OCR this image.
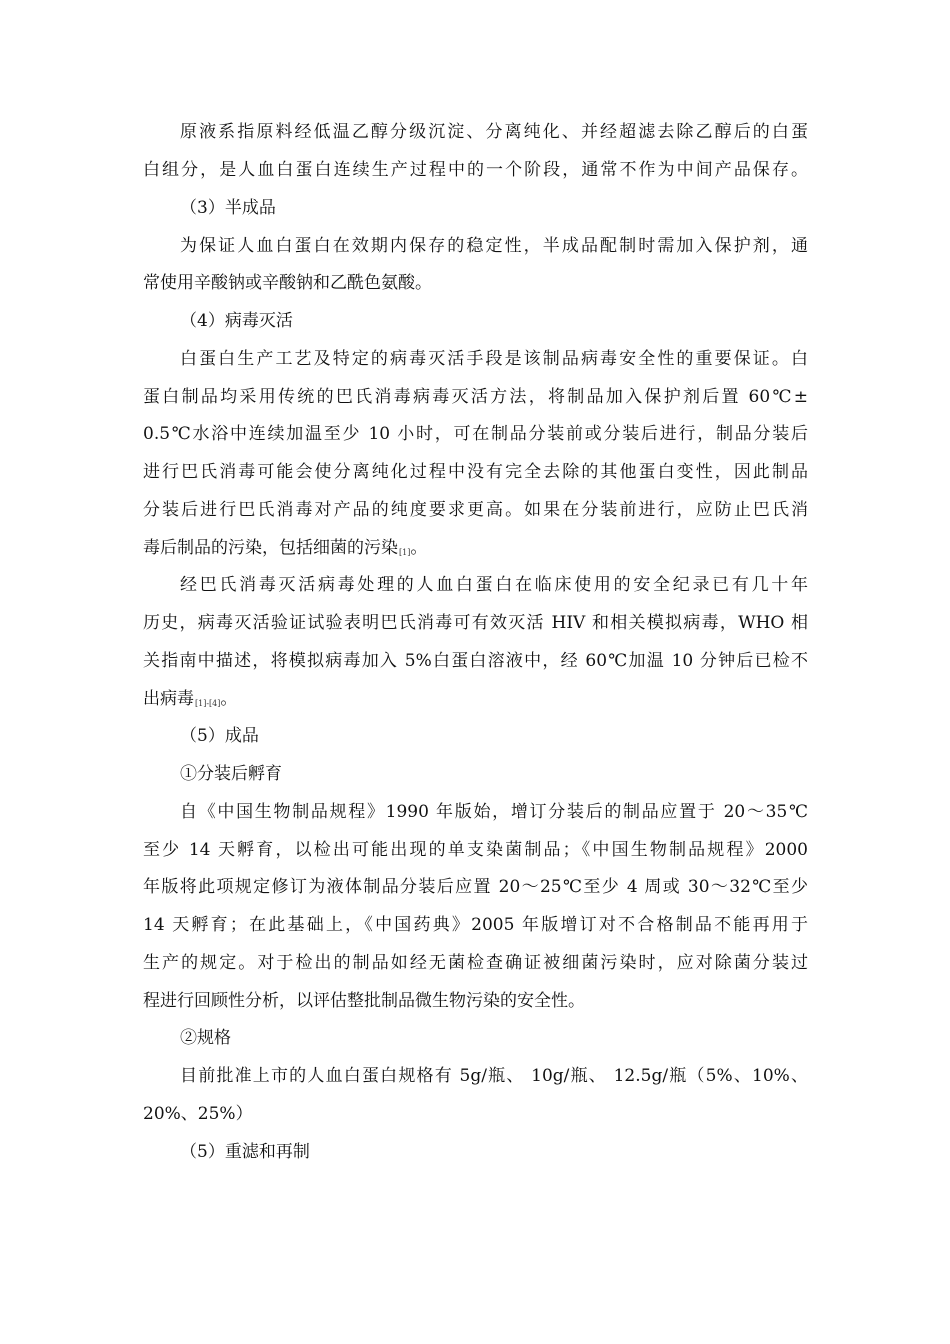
原液系指原料经低温乙醇分级沉淀、分离纯化、并经超滤去除乙醇后的白蛋
白组分，是人血白蛋白连续生产过程中的一个阶段，通常不作为中间产品保存。
（3）半成品
为保证人血白蛋白在效期内保存的稳定性，半成品配制时需加入保护剂，通
常使用辛酸钠或辛酸钠和乙酰色氨酸。
（4）病毒灭活
白蛋白生产工艺及特定的病毒灭活手段是该制品病毒安全性的重要保证。白
蛋白制品均采用传统的巴氏消毒病毒灭活方法，将制品加入保护剂后置 60℃±
0.5℃水浴中连续加温至少 10 小时，可在制品分装前或分装后进行，制品分装后
进行巴氏消毒可能会使分离纯化过程中没有完全去除的其他蛋白变性，因此制品
分装后进行巴氏消毒对产品的纯度要求更高。如果在分装前进行，应防止巴氏消
毒后制品的污染，包括细菌的污染[1]。
经巴氏消毒灭活病毒处理的人血白蛋白在临床使用的安全纪录已有几十年
历史，病毒灭活验证试验表明巴氏消毒可有效灭活 HIV 和相关模拟病毒，WHO 相
关指南中描述，将模拟病毒加入 5%白蛋白溶液中，经 60℃加温 10 分钟后已检不
出病毒[1]-[4]。
（5）成品
①分装后孵育
自《中国生物制品规程》1990 年版始，增订分装后的制品应置于 20～35℃
至少 14 天孵育，以检出可能出现的单支染菌制品；《中国生物制品规程》2000
年版将此项规定修订为液体制品分装后应置 20～25℃至少 4 周或 30～32℃至少
14 天孵育；在此基础上，《中国药典》2005 年版增订对不合格制品不能再用于
生产的规定。对于检出的制品如经无菌检查确证被细菌污染时，应对除菌分装过
程进行回顾性分析，以评估整批制品微生物污染的安全性。
②规格
目前批准上市的人血白蛋白规格有 5g/瓶、 10g/瓶、 12.5g/瓶（5%、10%、
20%、25%）
（5）重滤和再制
